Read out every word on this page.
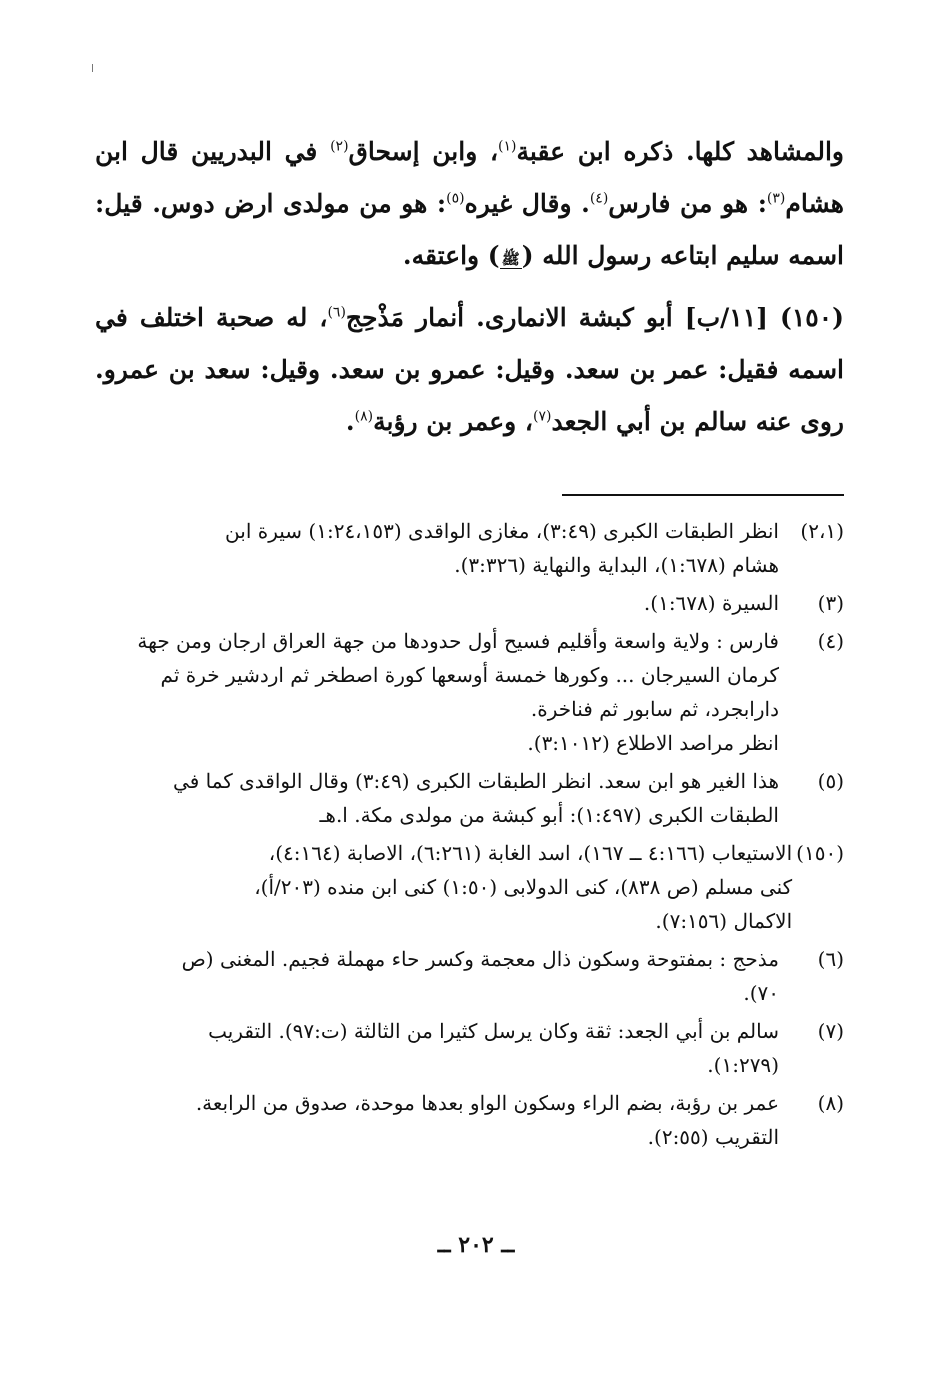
والمشاهد كلها. ذكره ابن عقبة$^{(١)}$، وابن إسحاق$^{(٢)}$ في البدريين قال ابن هشام$^{(٣)}$: هو من فارس$^{(٤)}$. وقال غيره$^{(٥)}$: هو من مولدى ارض دوس. قيل: اسمه سليم ابتاعه رسول الله (ﷺ) واعتقه.

(١٥٠) [١١/ب] أبو كبشة الانمارى. أنمار مَذْحِج$^{(٦)}$، له صحبة اختلف في اسمه فقيل: عمر بن سعد. وقيل: عمرو بن سعد. وقيل: سعد بن عمرو. روى عنه سالم بن أبي الجعد$^{(٧)}$، وعمر بن رؤبة$^{(٨)}$.

(٢،١)
انظر الطبقات الكبرى (٣:٤٩)، مغازى الواقدى (١:٢٤،١٥٣) سيرة ابن
هشام (١:٦٧٨)، البداية والنهاية (٣:٣٢٦).
(٣)
السيرة (١:٦٧٨).
(٤)
فارس : ولاية واسعة وأقليم فسيح أول حدودها من جهة العراق ارجان ومن جهة
كرمان السيرجان ... وكورها خمسة أوسعها كورة اصطخر ثم اردشير خرة ثم
دارابجرد، ثم سابور ثم فناخرة.
انظر مراصد الاطلاع (٣:١٠١٢).
(٥)
هذا الغير هو ابن سعد. انظر الطبقات الكبرى (٣:٤٩) وقال الواقدى كما في
الطبقات الكبرى (١:٤٩٧): أبو كبشة من مولدى مكة. ا.هـ
(١٥٠)
الاستيعاب (٤:١٦٦ ــ ١٦٧)، اسد الغابة (٦:٢٦١)، الاصابة (٤:١٦٤)،
كنى مسلم (ص ٨٣٨)، كنى الدولابى (١:٥٠) كنى ابن منده (٢٠٣/أ)،
الاكمال (٧:١٥٦).
(٦)
مذحج : بمفتوحة وسكون ذال معجمة وكسر حاء مهملة فجيم. المغنى (ص
٧٠).
(٧)
سالم بن أبي الجعد: ثقة وكان يرسل كثيرا من الثالثة (ت:٩٧). التقريب
(١:٢٧٩).
(٨)
عمر بن رؤبة، بضم الراء وسكون الواو بعدها موحدة، صدوق من الرابعة.
التقريب (٢:٥٥).
ــ ٢٠٢ ــ
